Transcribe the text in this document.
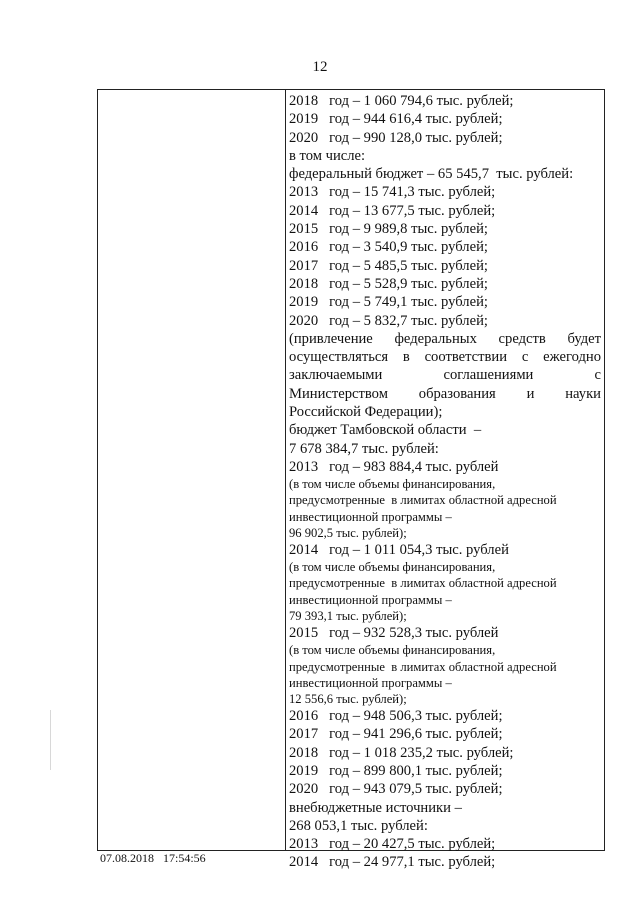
12
2018   год – 1 060 794,6 тыс. рублей;
2019   год – 944 616,4 тыс. рублей;
2020   год – 990 128,0 тыс. рублей;
в том числе:
федеральный бюджет – 65 545,7  тыс. рублей:
2013   год – 15 741,3 тыс. рублей;
2014   год – 13 677,5 тыс. рублей;
2015   год – 9 989,8 тыс. рублей;
2016   год – 3 540,9 тыс. рублей;
2017   год – 5 485,5 тыс. рублей;
2018   год – 5 528,9 тыс. рублей;
2019   год – 5 749,1 тыс. рублей;
2020   год – 5 832,7 тыс. рублей;
(привлечение федеральных средств будет
осуществляться в соответствии с ежегодно
заключаемыми соглашениями с
Министерством образования и науки
Российской Федерации);
бюджет Тамбовской области  –
7 678 384,7 тыс. рублей:
2013   год – 983 884,4 тыс. рублей
(в том числе объемы финансирования,
предусмотренные  в лимитах областной адресной
инвестиционной программы –
96 902,5 тыс. рублей);
2014   год – 1 011 054,3 тыс. рублей
(в том числе объемы финансирования,
предусмотренные  в лимитах областной адресной
инвестиционной программы –
79 393,1 тыс. рублей);
2015   год – 932 528,3 тыс. рублей
(в том числе объемы финансирования,
предусмотренные  в лимитах областной адресной
инвестиционной программы –
12 556,6 тыс. рублей);
2016   год – 948 506,3 тыс. рублей;
2017   год – 941 296,6 тыс. рублей;
2018   год – 1 018 235,2 тыс. рублей;
2019   год – 899 800,1 тыс. рублей;
2020   год – 943 079,5 тыс. рублей;
внебюджетные источники –
268 053,1 тыс. рублей:
2013   год – 20 427,5 тыс. рублей;
2014   год – 24 977,1 тыс. рублей;
07.08.2018 17:54:56
